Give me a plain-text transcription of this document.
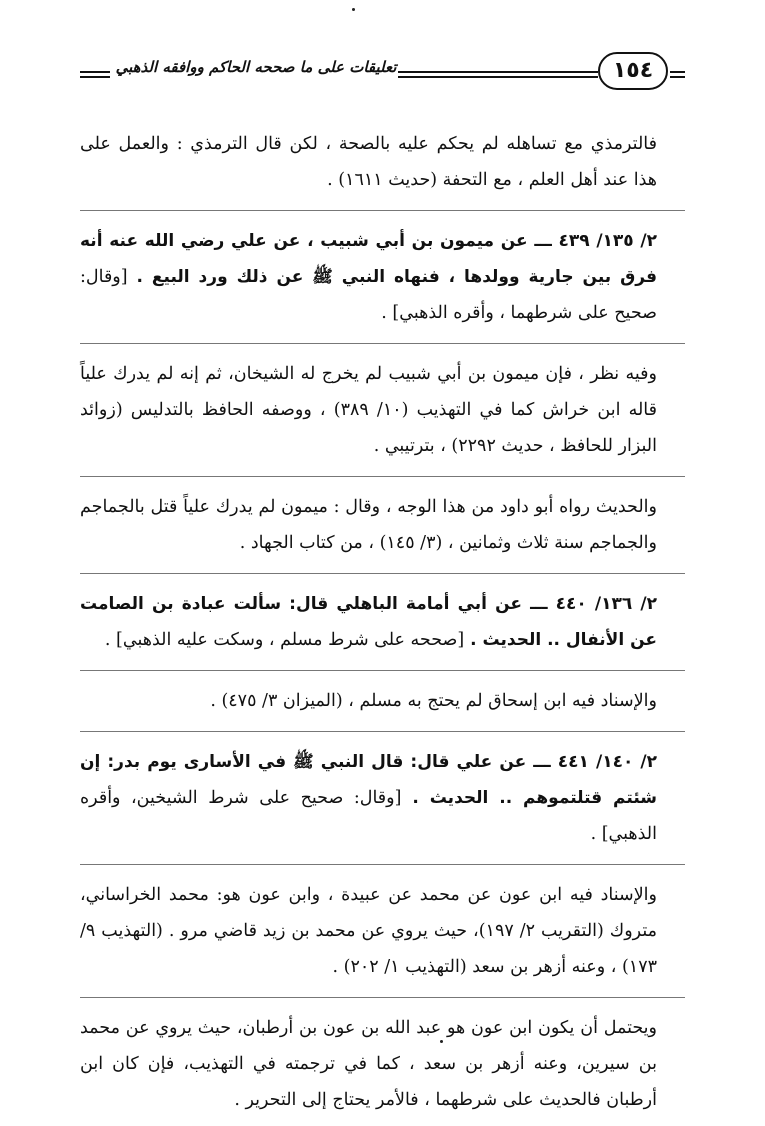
تعليقات على ما صححه الحاكم ووافقه الذهبي	١٥٤

فالترمذي مع تساهله لم يحكم عليه بالصحة ، لكن قال الترمذي : والعمل على هذا عند أهل العلم ، مع التحفة (حديث ١٦١١) .

٢/ ١٣٥/ ٤٣٩ ـــ عن ميمون بن أبي شبيب ، عن علي رضي الله عنه أنه فرق بين جارية وولدها ، فنهاه النبي ﷺ عن ذلك ورد البيع . [وقال: صحيح على شرطهما ، وأقره الذهبي] .

وفيه نظر ، فإن ميمون بن أبي شبيب لم يخرج له الشيخان، ثم إنه لم يدرك علياً قاله ابن خراش كما في التهذيب (١٠/ ٣٨٩) ، ووصفه الحافظ بالتدليس (زوائد البزار للحافظ ، حديث ٢٢٩٢) ، بترتيبي .

والحديث رواه أبو داود من هذا الوجه ، وقال : ميمون لم يدرك علياً قتل بالجماجم والجماجم سنة ثلاث وثمانين ، (٣/ ١٤٥) ، من كتاب الجهاد .

٢/ ١٣٦/ ٤٤٠ ـــ عن أبي أمامة الباهلي قال: سألت عبادة بن الصامت عن الأنفال .. الحديث . [صححه على شرط مسلم ، وسكت عليه الذهبي] .

والإسناد فيه ابن إسحاق لم يحتج به مسلم ، (الميزان ٣/ ٤٧٥) .

٢/ ١٤٠/ ٤٤١ ـــ عن علي قال: قال النبي ﷺ في الأسارى يوم بدر: إن شئتم قتلتموهم .. الحديث . [وقال: صحيح على شرط الشيخين، وأقره الذهبي] .

والإسناد فيه ابن عون عن محمد عن عبيدة ، وابن عون هو: محمد الخراساني، متروك (التقريب ٢/ ١٩٧)، حيث يروي عن محمد بن زيد قاضي مرو . (التهذيب ٩/ ١٧٣) ، وعنه أزهر بن سعد (التهذيب ١/ ٢٠٢) .

ويحتمل أن يكون ابن عون هو عبد الله بن عون بن أرطبان، حيث يروي عن محمد بن سيرين، وعنه أزهر بن سعد ، كما في ترجمته في التهذيب، فإن كان ابن أرطبان فالحديث على شرطهما ، فالأمر يحتاج إلى التحرير .
